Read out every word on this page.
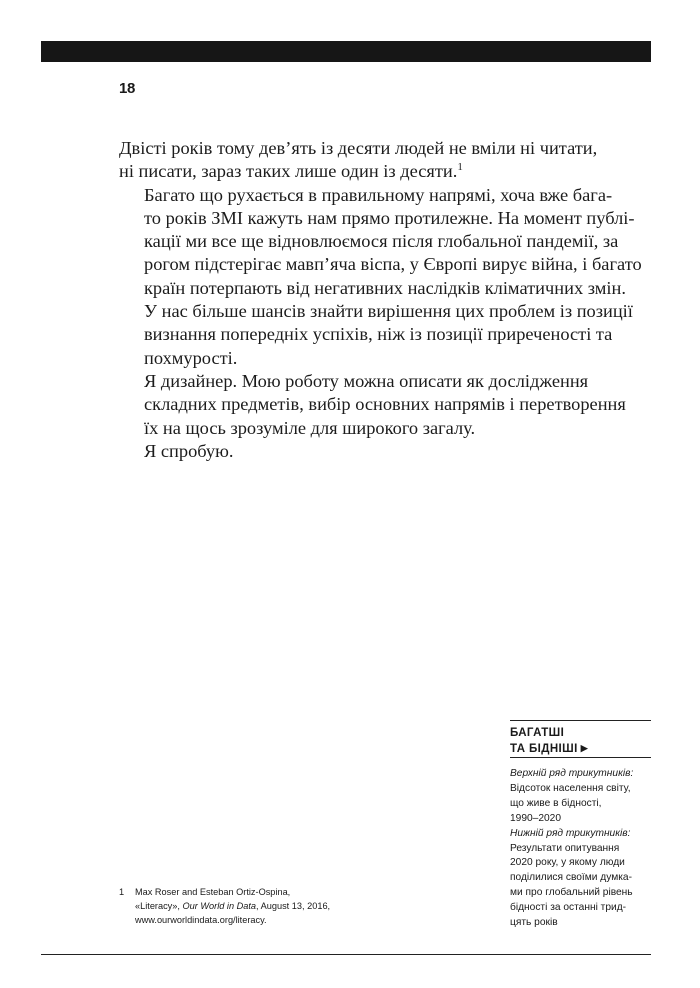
18

Двісті років тому дев’ять із десяти людей не вміли ні читати,
ні писати, зараз таких лише один із десяти.$^1$

Багато що рухається в правильному напрямі, хоча вже бага-
то років ЗМІ кажуть нам прямо протилежне. На момент публі-
кації ми все ще відновлюємося після глобальної пандемії, за
рогом підстерігає мавп’яча віспа, у Європі вирує війна, і багато
країн потерпають від негативних наслідків кліматичних змін.
У нас більше шансів знайти вирішення цих проблем із позиції
визнання попередніх успіхів, ніж із позиції приреченості та
похмурості.

Я дизайнер. Мою роботу можна описати як дослідження
складних предметів, вибір основних напрямів і перетворення
їх на щось зрозуміле для широкого загалу.

Я спробую.

БАГАТШІ
ТА БІДНІШІ ▶
Верхній ряд трикутників:
Відсоток населення світу,
що живе в бідності,
1990–2020
Нижній ряд трикутників:
Результати опитування
2020 року, у якому люди
поділилися своїми думка-
ми про глобальний рівень
бідності за останні трид-
цять років
1 Max Roser and Esteban Ortiz-Ospina,
«Literacy», Our World in Data, August 13, 2016,
www.ourworldindata.org/literacy.
